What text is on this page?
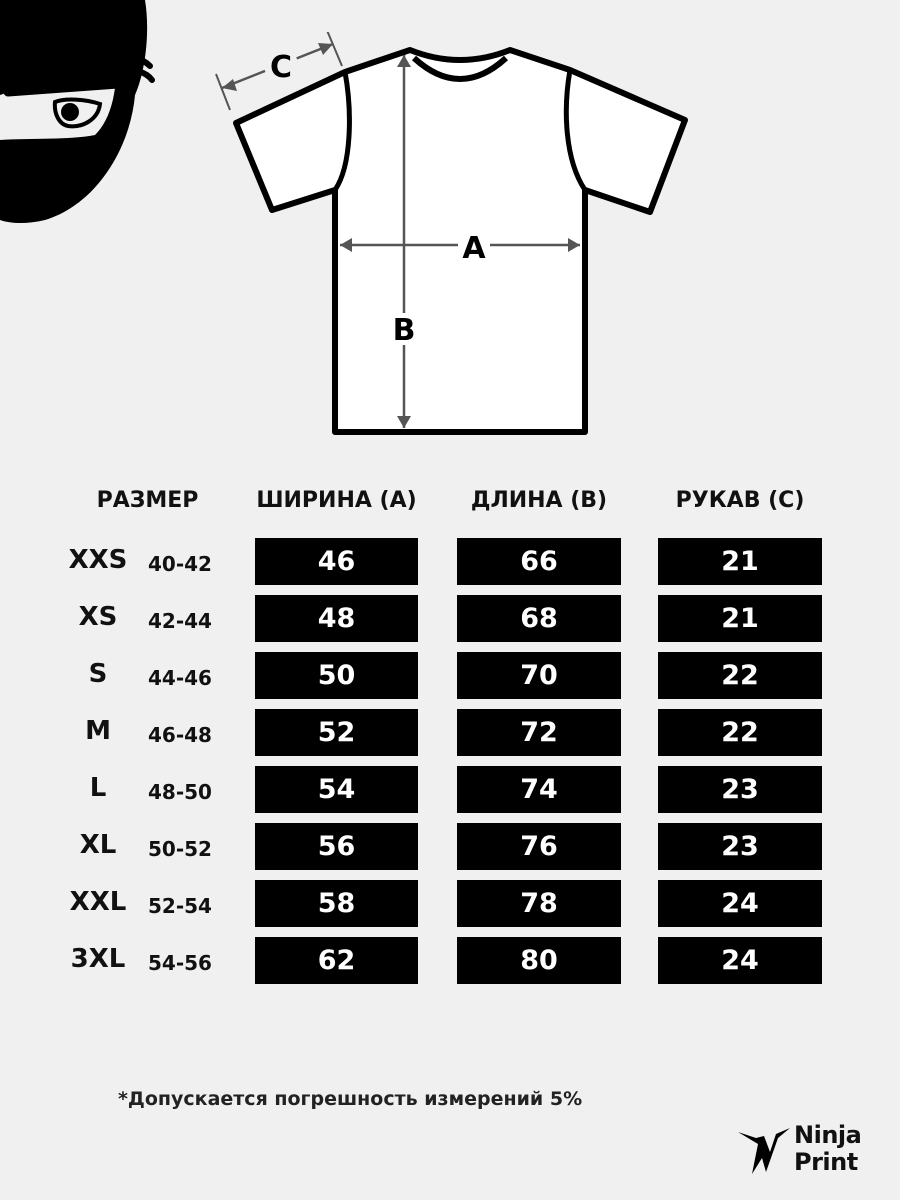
A
B
C
РАЗМЕР	ШИРИНА (А)	ДЛИНА (В)	РУКАВ (С)
XXS	40-42	46	66	21
XS	42-44	48	68	21
S	44-46	50	70	22
M	46-48	52	72	22
L	48-50	54	74	23
XL	50-52	56	76	23
XXL	52-54	58	78	24
3XL	54-56	62	80	24
*Допускается погрешность измерений 5%
Ninja
Print
